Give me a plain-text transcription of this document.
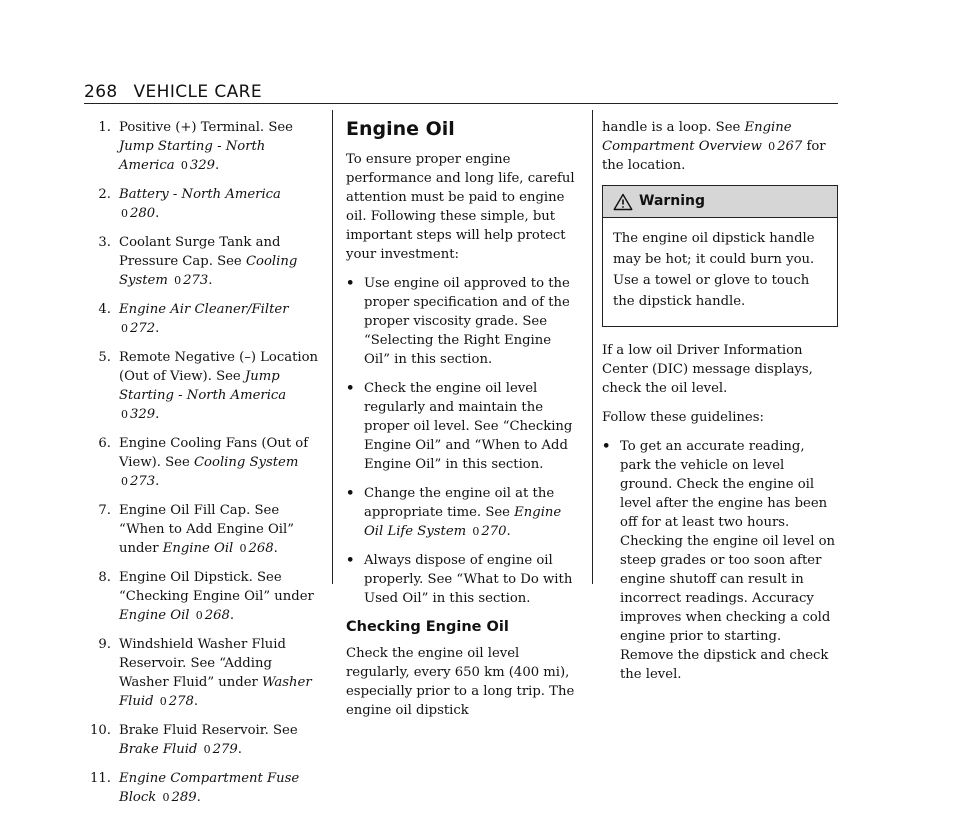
268 VEHICLE CARE
1. Positive (+) Terminal. See Jump Starting - North America 0 329.
2. Battery - North America 0 280.
3. Coolant Surge Tank and Pressure Cap. See Cooling System 0 273.
4. Engine Air Cleaner/Filter 0 272.
5. Remote Negative (–) Location (Out of View). See Jump Starting - North America 0 329.
6. Engine Cooling Fans (Out of View). See Cooling System 0 273.
7. Engine Oil Fill Cap. See “When to Add Engine Oil” under Engine Oil 0 268.
8. Engine Oil Dipstick. See “Checking Engine Oil” under Engine Oil 0 268.
9. Windshield Washer Fluid Reservoir. See “Adding Washer Fluid” under Washer Fluid 0 278.
10. Brake Fluid Reservoir. See Brake Fluid 0 279.
11. Engine Compartment Fuse Block 0 289.
Engine Oil

To ensure proper engine performance and long life, careful attention must be paid to engine oil. Following these simple, but important steps will help protect your investment:

• Use engine oil approved to the proper specification and of the proper viscosity grade. See “Selecting the Right Engine Oil” in this section.
• Check the engine oil level regularly and maintain the proper oil level. See “Checking Engine Oil” and “When to Add Engine Oil” in this section.
• Change the engine oil at the appropriate time. See Engine Oil Life System 0 270.
• Always dispose of engine oil properly. See “What to Do with Used Oil” in this section.
Checking Engine Oil

Check the engine oil level regularly, every 650 km (400 mi), especially prior to a long trip. The engine oil dipstick

handle is a loop. See Engine Compartment Overview 0 267 for the location.

Warning

The engine oil dipstick handle may be hot; it could burn you. Use a towel or glove to touch the dipstick handle.

If a low oil Driver Information Center (DIC) message displays, check the oil level.

Follow these guidelines:

• To get an accurate reading, park the vehicle on level ground. Check the engine oil level after the engine has been off for at least two hours. Checking the engine oil level on steep grades or too soon after engine shutoff can result in incorrect readings. Accuracy improves when checking a cold engine prior to starting. Remove the dipstick and check the level.
